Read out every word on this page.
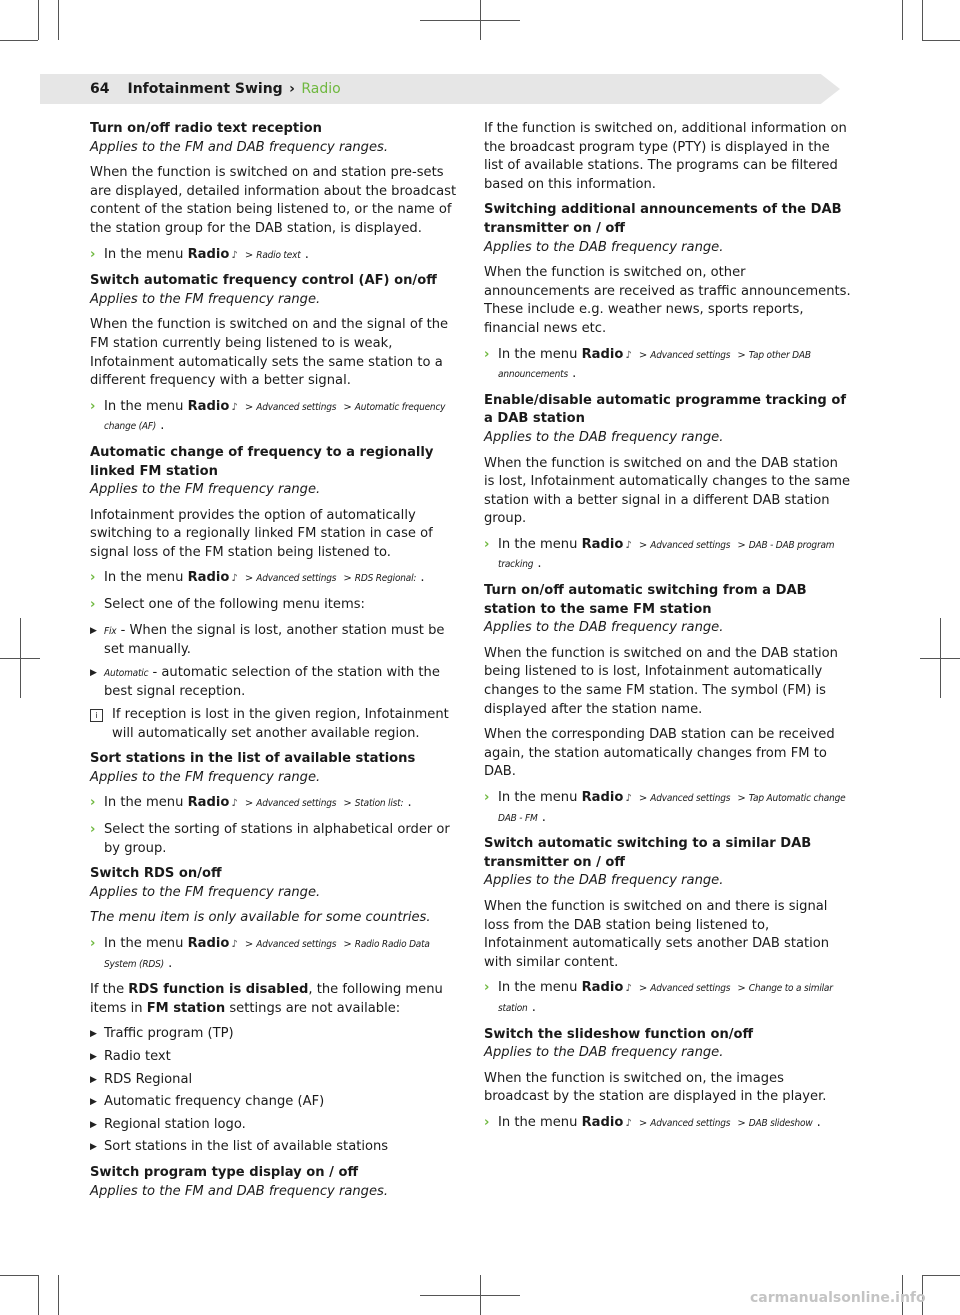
64 Infotainment Swing › Radio

Turn on/off radio text reception

Applies to the FM and DAB frequency ranges.

When the function is switched on and station pre-sets are displayed, detailed information about the broadcast content of the station being listened to, or the name of the station group for the DAB station, is displayed.

› In the menu Radio ♪ > Radio text .

Switch automatic frequency control (AF) on/off

Applies to the FM frequency range.

When the function is switched on and the signal of the FM station currently being listened to is weak, Infotainment automatically sets the same station to a different frequency with a better signal.

› In the menu Radio ♪ > Advanced settings > Automatic frequency change (AF) .

Automatic change of frequency to a regionally linked FM station

Applies to the FM frequency range.

Infotainment provides the option of automatically switching to a regionally linked FM station in case of signal loss of the FM station being listened to.

› In the menu Radio ♪ > Advanced settings > RDS Regional: .
› Select one of the following menu items:
▶ Fix - When the signal is lost, another station must be set manually.
▶ Automatic - automatic selection of the station with the best signal reception.
i	If reception is lost in the given region, Infotainment will automatically set another available region.

Sort stations in the list of available stations

Applies to the FM frequency range.

› In the menu Radio ♪ > Advanced settings > Station list: .
› Select the sorting of stations in alphabetical order or by group.

Switch RDS on/off

Applies to the FM frequency range.

The menu item is only available for some countries.

› In the menu Radio ♪ > Advanced settings > Radio Radio Data System (RDS) .

If the RDS function is disabled, the following menu items in FM station settings are not available:

▶ Traffic program (TP)
▶ Radio text
▶ RDS Regional
▶ Automatic frequency change (AF)
▶ Regional station logo.
▶ Sort stations in the list of available stations

Switch program type display on / off

Applies to the FM and DAB frequency ranges.

If the function is switched on, additional information on the broadcast program type (PTY) is displayed in the list of available stations. The programs can be filtered based on this information.

Switching additional announcements of the DAB transmitter on / off

Applies to the DAB frequency range.

When the function is switched on, other announcements are received as traffic announcements. These include e.g. weather news, sports reports, financial news etc.

› In the menu Radio ♪ > Advanced settings > Tap other DAB announcements .

Enable/disable automatic programme tracking of a DAB station

Applies to the DAB frequency range.

When the function is switched on and the DAB station is lost, Infotainment automatically changes to the same station with a better signal in a different DAB station group.

› In the menu Radio ♪ > Advanced settings > DAB - DAB program tracking .

Turn on/off automatic switching from a DAB station to the same FM station

Applies to the DAB frequency range.

When the function is switched on and the DAB station being listened to is lost, Infotainment automatically changes to the same FM station. The symbol (FM) is displayed after the station name.

When the corresponding DAB station can be received again, the station automatically changes from FM to DAB.

› In the menu Radio ♪ > Advanced settings > Tap Automatic change DAB - FM .

Switch automatic switching to a similar DAB transmitter on / off

Applies to the DAB frequency range.

When the function is switched on and there is signal loss from the DAB station being listened to, Infotainment automatically sets another DAB station with similar content.

› In the menu Radio ♪ > Advanced settings > Change to a similar station .

Switch the slideshow function on/off

Applies to the DAB frequency range.

When the function is switched on, the images broadcast by the station are displayed in the player.

› In the menu Radio ♪ > Advanced settings > DAB slideshow .
carmanualsonline.info
